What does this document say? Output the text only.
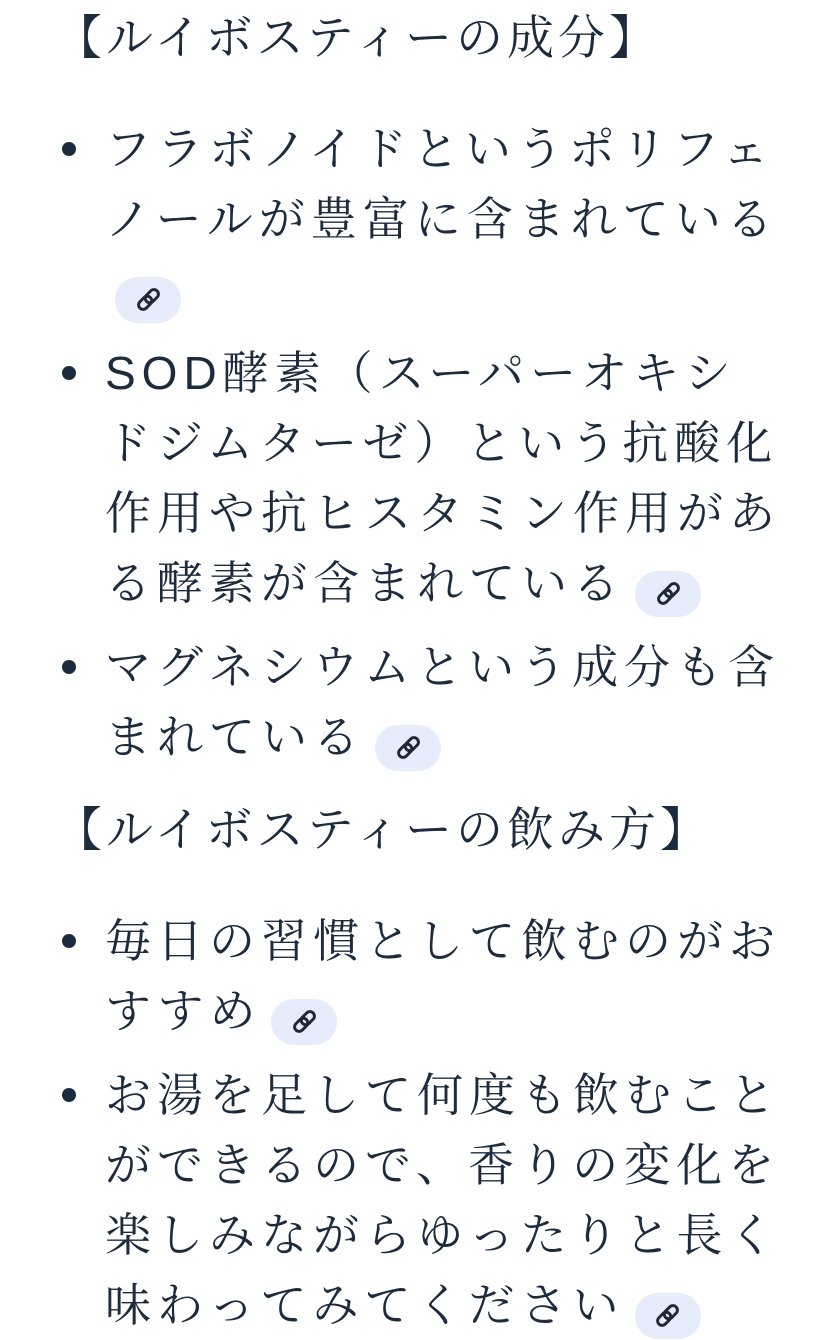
【ルイボスティーの成分】
フラボノイドというポリフェノールが豊富に含まれている
SOD酵素（スーパーオキシドジムターゼ）という抗酸化作用や抗ヒスタミン作用がある酵素が含まれている
マグネシウムという成分も含まれている
【ルイボスティーの飲み方】
毎日の習慣として飲むのがおすすめ
お湯を足して何度も飲むことができるので、香りの変化を楽しみながらゆったりと長く味わってみてください
